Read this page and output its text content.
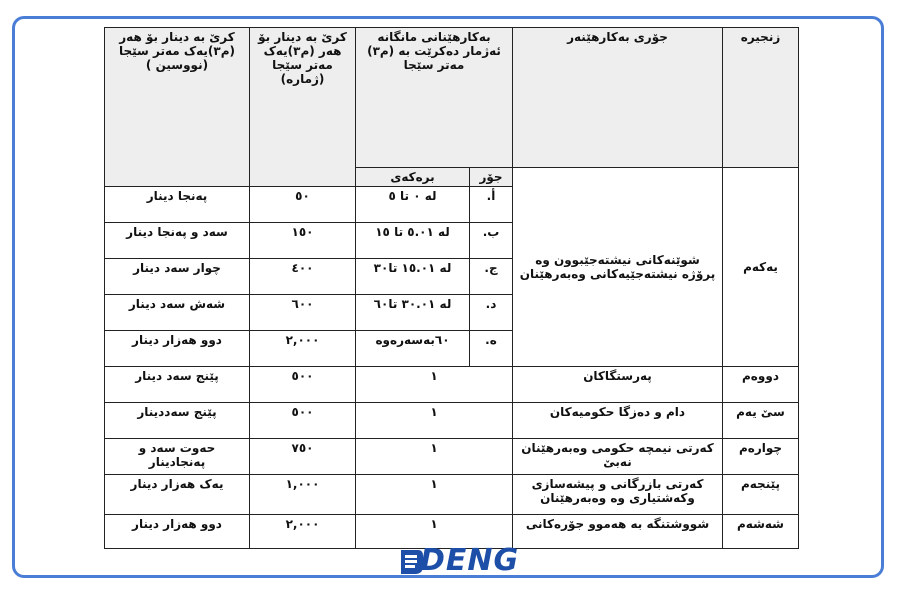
كرێ بە دینار بۆ هەر (م٣)یەک مەتر سێجا (نووسین )	كرێ بە دینار بۆ هەر (م٣)یەک مەتر سێجا (ژمارە)	بەكارهێنانی مانگانە ئەژمار دەكرێت بە (م٣) مەتر سێجا		جۆری بەكارهێنەر	زنجیرە
		برەكەی	جۆر	شوێنەكانی نیشتەجێبوون وە پرۆژە نیشتەجێیەكانی وەبەرهێنان	یەكەم
پەنجا دینار	٥٠	لە ٠ تا ٥	أ.		
سەد و پەنجا دینار	١٥٠	لە ٥.٠١ تا ١٥	ب.		
چوار سەد دینار	٤٠٠	لە ١٥.٠١ تا٣٠	ج.		
شەش سەد دینار	٦٠٠	لە ٣٠.٠١ تا٦٠	د.		
دوو هەزار دینار	٢,٠٠٠	٦٠بەسەرەوە	ە.		
پێنج سەد دینار	٥٠٠	١		پەرستگاكان	دووەم
پێنج سەددینار	٥٠٠	١		دام و دەزگا حكومیەكان	سێ یەم
حەوت سەد و پەنجادینار	٧٥٠	١		كەرتی نیمچە حكومی وەبەرهێنان نەبێ	چوارەم
یەک هەزار دینار	١,٠٠٠	١		كەرتی بازرگانی و پیشەسازی وكەشتیاری وە وەبەرهێنان	پێنجەم
دوو هەزار دینار	٢,٠٠٠	١		شووشتنگە بە هەموو جۆرەكانی	شەشەم
DENG
